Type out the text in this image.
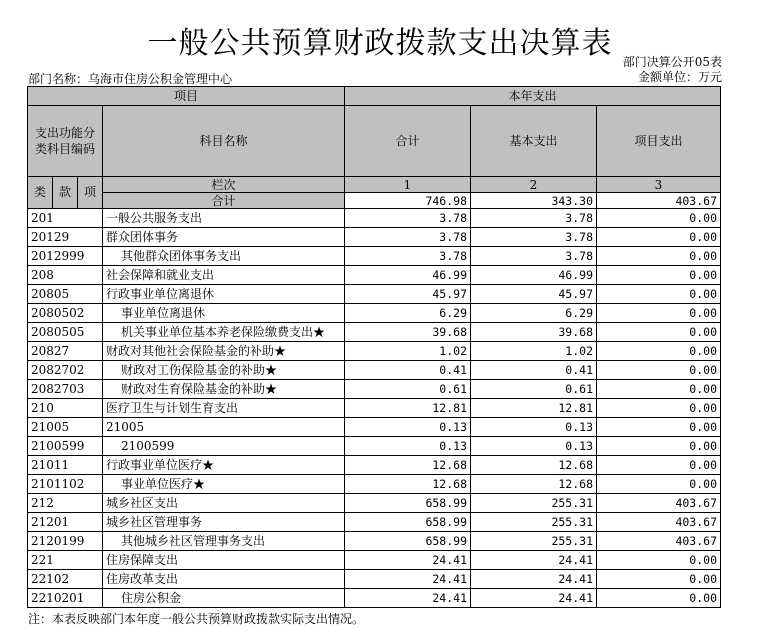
一般公共预算财政拨款支出决算表
部门决算公开05表
金额单位：万元
部门名称：乌海市住房公积金管理中心
项目				本年支出		
支出功能分类科目编码			科目名称	合计	基本支出	项目支出
类	款	项	栏次	1	2	3
			合计	746.98	343.30	403.67
201			一般公共服务支出	3.78	3.78	0.00
20129			群众团体事务	3.78	3.78	0.00
2012999			其他群众团体事务支出	3.78	3.78	0.00
208			社会保障和就业支出	46.99	46.99	0.00
20805			行政事业单位离退休	45.97	45.97	0.00
2080502			事业单位离退休	6.29	6.29	0.00
2080505			机关事业单位基本养老保险缴费支出★	39.68	39.68	0.00
20827			财政对其他社会保险基金的补助★	1.02	1.02	0.00
2082702			财政对工伤保险基金的补助★	0.41	0.41	0.00
2082703			财政对生育保险基金的补助★	0.61	0.61	0.00
210			医疗卫生与计划生育支出	12.81	12.81	0.00
21005			21005	0.13	0.13	0.00
2100599			2100599	0.13	0.13	0.00
21011			行政事业单位医疗★	12.68	12.68	0.00
2101102			事业单位医疗★	12.68	12.68	0.00
212			城乡社区支出	658.99	255.31	403.67
21201			城乡社区管理事务	658.99	255.31	403.67
2120199			其他城乡社区管理事务支出	658.99	255.31	403.67
221			住房保障支出	24.41	24.41	0.00
22102			住房改革支出	24.41	24.41	0.00
2210201			住房公积金	24.41	24.41	0.00
注：本表反映部门本年度一般公共预算财政拨款实际支出情况。
